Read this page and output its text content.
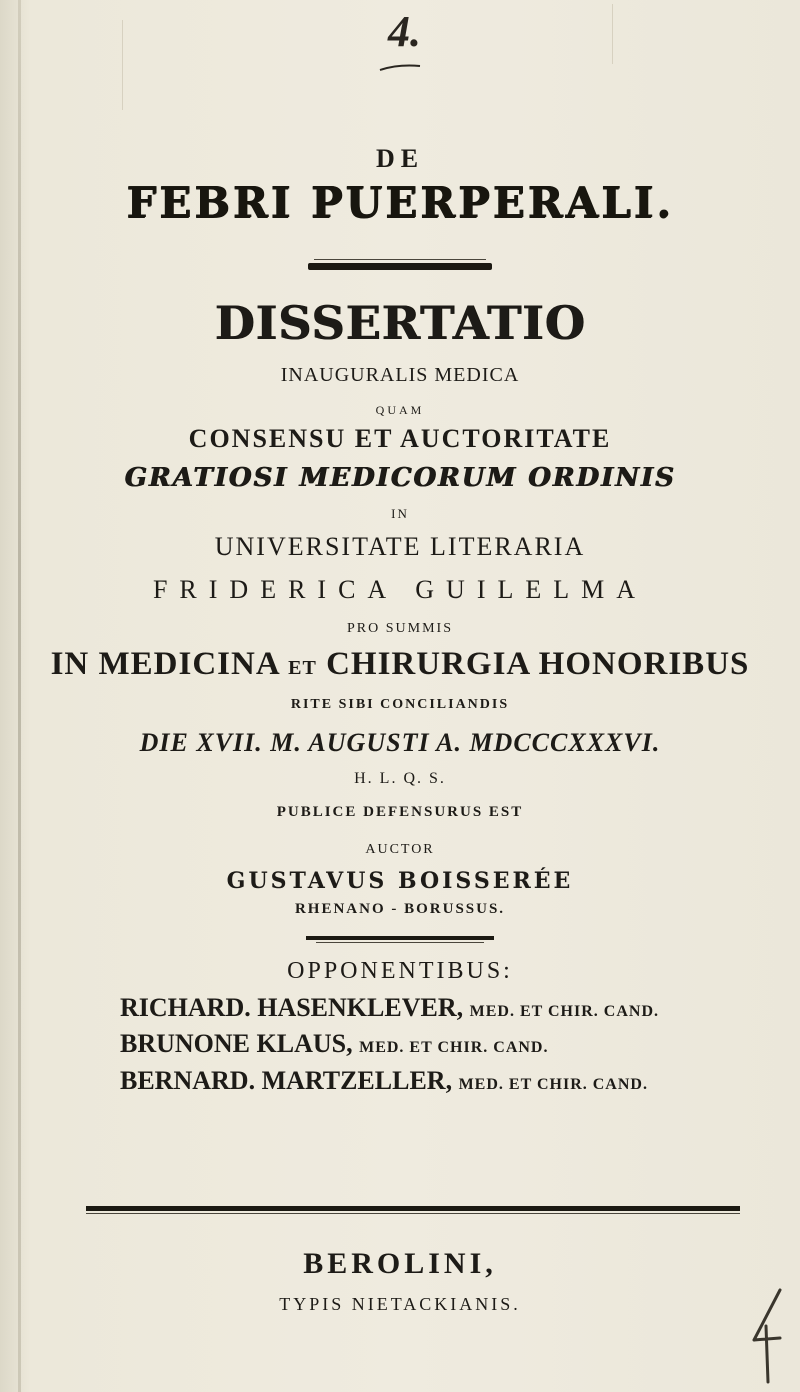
4.
DE
FEBRI PUERPERALI.
DISSERTATIO
INAUGURALIS MEDICA
QUAM
CONSENSU ET AUCTORITATE
GRATIOSI MEDICORUM ORDINIS
IN
UNIVERSITATE LITERARIA
FRIDERICA GUILELMA
PRO SUMMIS
IN MEDICINA ET CHIRURGIA HONORIBUS
RITE SIBI CONCILIANDIS
DIE XVII. M. AUGUSTI A. MDCCCXXXVI.
H. L. Q. S.
PUBLICE DEFENSURUS EST
AUCTOR
GUSTAVUS BOISSERÉE
RHENANO - BORUSSUS.
OPPONENTIBUS:
RICHARD. HASENKLEVER, MED. ET CHIR. CAND.
BRUNONE KLAUS, MED. ET CHIR. CAND.
BERNARD. MARTZELLER, MED. ET CHIR. CAND.
BEROLINI,
TYPIS NIETACKIANIS.
